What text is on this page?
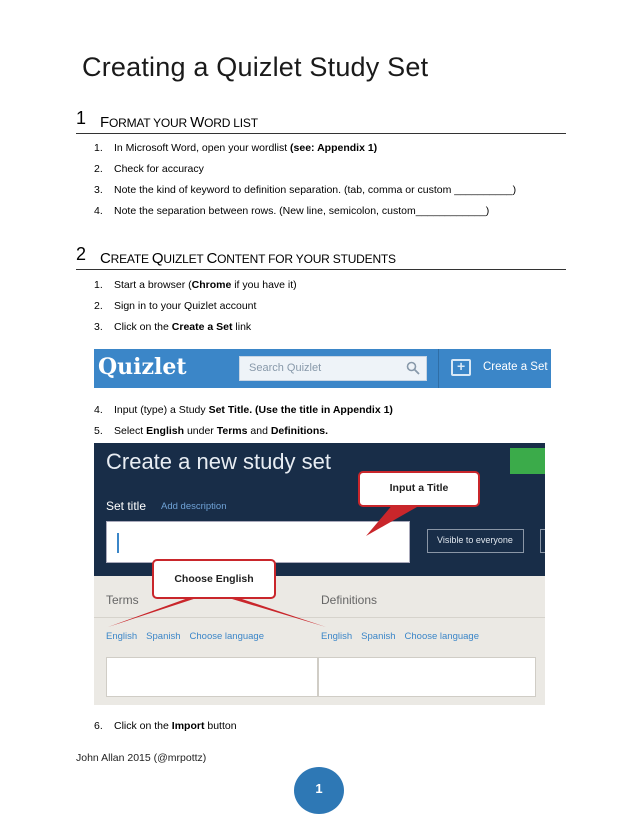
Creating a Quizlet Study Set
1 FORMAT YOUR WORD LIST
1. In Microsoft Word, open your wordlist (see: Appendix 1)
2. Check for accuracy
3. Note the kind of keyword to definition separation. (tab, comma or custom __________)
4. Note the separation between rows. (New line, semicolon, custom____________)
2 CREATE QUIZLET CONTENT FOR YOUR STUDENTS
1. Start a browser (Chrome if you have it)
2. Sign in to your Quizlet account
3. Click on the Create a Set link
Quizlet	Search Quizlet
+	Create a Set
4. Input (type) a Study Set Title. (Use the title in Appendix 1)
5. Select English under Terms and Definitions.
Create a new study set
Set title Add description
Visible to everyone
Terms	Definitions
English Spanish Choose language	English Spanish Choose language
Input a Title
Choose English
6. Click on the Import button
John Allan 2015 (@mrpottz)
1
